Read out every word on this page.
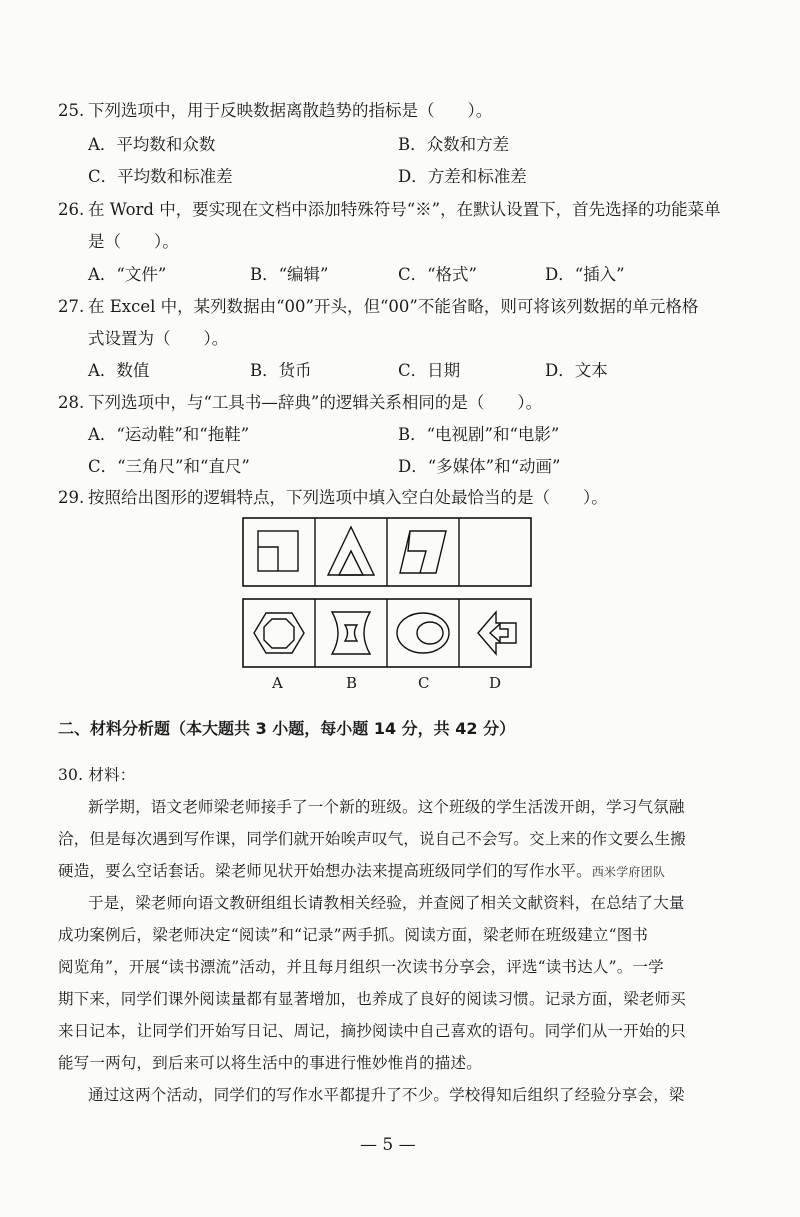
25. 下列选项中，用于反映数据离散趋势的指标是（　　）。
A．平均数和众数	B．众数和方差
C．平均数和标准差	D．方差和标准差
26. 在 Word 中，要实现在文档中添加特殊符号“※”，在默认设置下，首先选择的功能菜单
是（　　）。
A．“文件”	B．“编辑”	C．“格式”	D．“插入”
27. 在 Excel 中，某列数据由“00”开头，但“00”不能省略，则可将该列数据的单元格格
式设置为（　　）。
A．数值	B．货币	C．日期	D．文本
28. 下列选项中，与“工具书—辞典”的逻辑关系相同的是（　　）。
A．“运动鞋”和“拖鞋”	B．“电视剧”和“电影”
C．“三角尺”和“直尺”	D．“多媒体”和“动画”
29. 按照给出图形的逻辑特点，下列选项中填入空白处最恰当的是（　　）。
A	B	C	D
二、材料分析题（本大题共 3 小题，每小题 14 分，共 42 分）
30. 材料：
新学期，语文老师梁老师接手了一个新的班级。这个班级的学生活泼开朗，学习气氛融
洽，但是每次遇到写作课，同学们就开始唉声叹气，说自己不会写。交上来的作文要么生搬
硬造，要么空话套话。梁老师见状开始想办法来提高班级同学们的写作水平。西米学府团队
于是，梁老师向语文教研组组长请教相关经验，并查阅了相关文献资料，在总结了大量
成功案例后，梁老师决定“阅读”和“记录”两手抓。阅读方面，梁老师在班级建立“图书
阅览角”，开展“读书漂流”活动，并且每月组织一次读书分享会，评选“读书达人”。一学
期下来，同学们课外阅读量都有显著增加，也养成了良好的阅读习惯。记录方面，梁老师买
来日记本，让同学们开始写日记、周记，摘抄阅读中自己喜欢的语句。同学们从一开始的只
能写一两句，到后来可以将生活中的事进行惟妙惟肖的描述。
通过这两个活动，同学们的写作水平都提升了不少。学校得知后组织了经验分享会，梁
— 5 —
